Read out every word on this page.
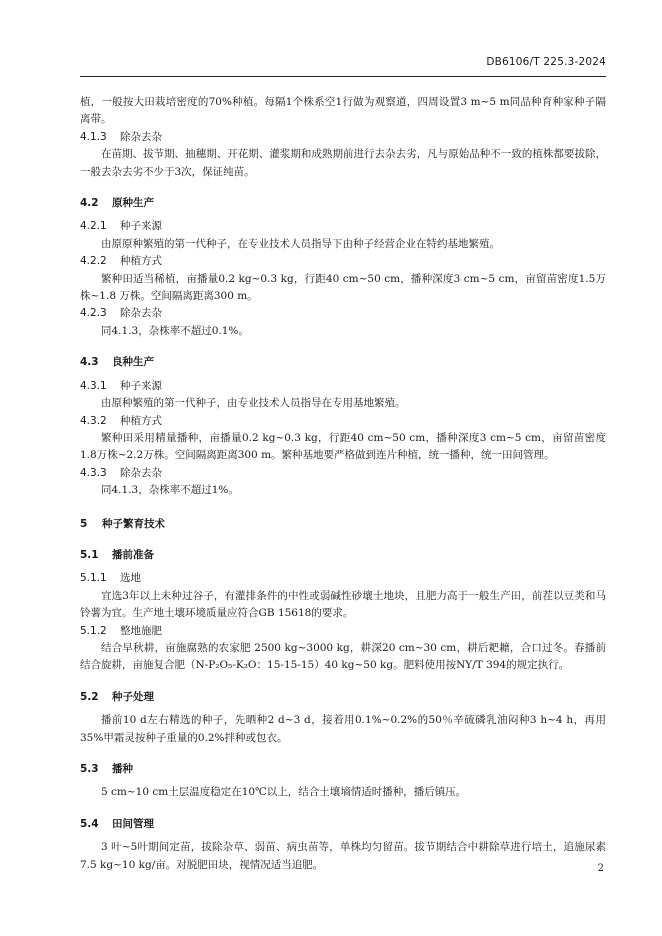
DB6106/T 225.3-2024

植，一般按大田栽培密度的70%种植。每隔1个株系空1行做为观察道，四周设置3 m~5 m同品种育种家种子隔离带。

4.1.3 除杂去杂

在苗期、拔节期、抽穗期、开花期、灌浆期和成熟期前进行去杂去劣，凡与原始品种不一致的植株都要拔除，一般去杂去劣不少于3次，保证纯苗。

4.2 原种生产
4.2.1 种子来源

由原原种繁殖的第一代种子，在专业技术人员指导下由种子经营企业在特约基地繁殖。

4.2.2 种植方式

繁种田适当稀植，亩播量0.2 kg~0.3 kg，行距40 cm~50 cm，播种深度3 cm~5 cm，亩留苗密度1.5万株~1.8 万株。空间隔离距离300 m。

4.2.3 除杂去杂

同4.1.3，杂株率不超过0.1%。

4.3 良种生产
4.3.1 种子来源

由原种繁殖的第一代种子，由专业技术人员指导在专用基地繁殖。

4.3.2 种植方式

繁种田采用精量播种，亩播量0.2 kg~0.3 kg，行距40 cm~50 cm，播种深度3 cm~5 cm，亩留苗密度1.8万株~2.2万株。空间隔离距离300 m。繁种基地要严格做到连片种植，统一播种，统一田间管理。

4.3.3 除杂去杂

同4.1.3，杂株率不超过1%。

5 种子繁育技术
5.1 播前准备
5.1.1 选地

宜选3年以上未种过谷子，有灌排条件的中性或弱碱性砂壤土地块，且肥力高于一般生产田，前茬以豆类和马铃薯为宜。生产地土壤环境质量应符合GB 15618的要求。

5.1.2 整地施肥

结合早秋耕，亩施腐熟的农家肥 2500 kg~3000 kg，耕深20 cm~30 cm，耕后耙耱，合口过冬。春播前结合旋耕，亩施复合肥（N-P₂O₅-K₂O：15-15-15）40 kg~50 kg。肥料使用按NY/T 394的规定执行。

5.2 种子处理

播前10 d左右精选的种子，先晒种2 d~3 d，接着用0.1%~0.2%的50％辛硫磷乳油闷种3 h~4 h，再用35%甲霜灵按种子重量的0.2%拌种或包衣。

5.3 播种

5 cm~10 cm土层温度稳定在10℃以上，结合土壤墒情适时播种，播后镇压。

5.4 田间管理

3 叶~5叶期间定苗，拔除杂草、弱苗、病虫苗等，单株均匀留苗。拔节期结合中耕除草进行培土，追施尿素7.5 kg~10 kg/亩。对脱肥田块，视情况适当追肥。	2
